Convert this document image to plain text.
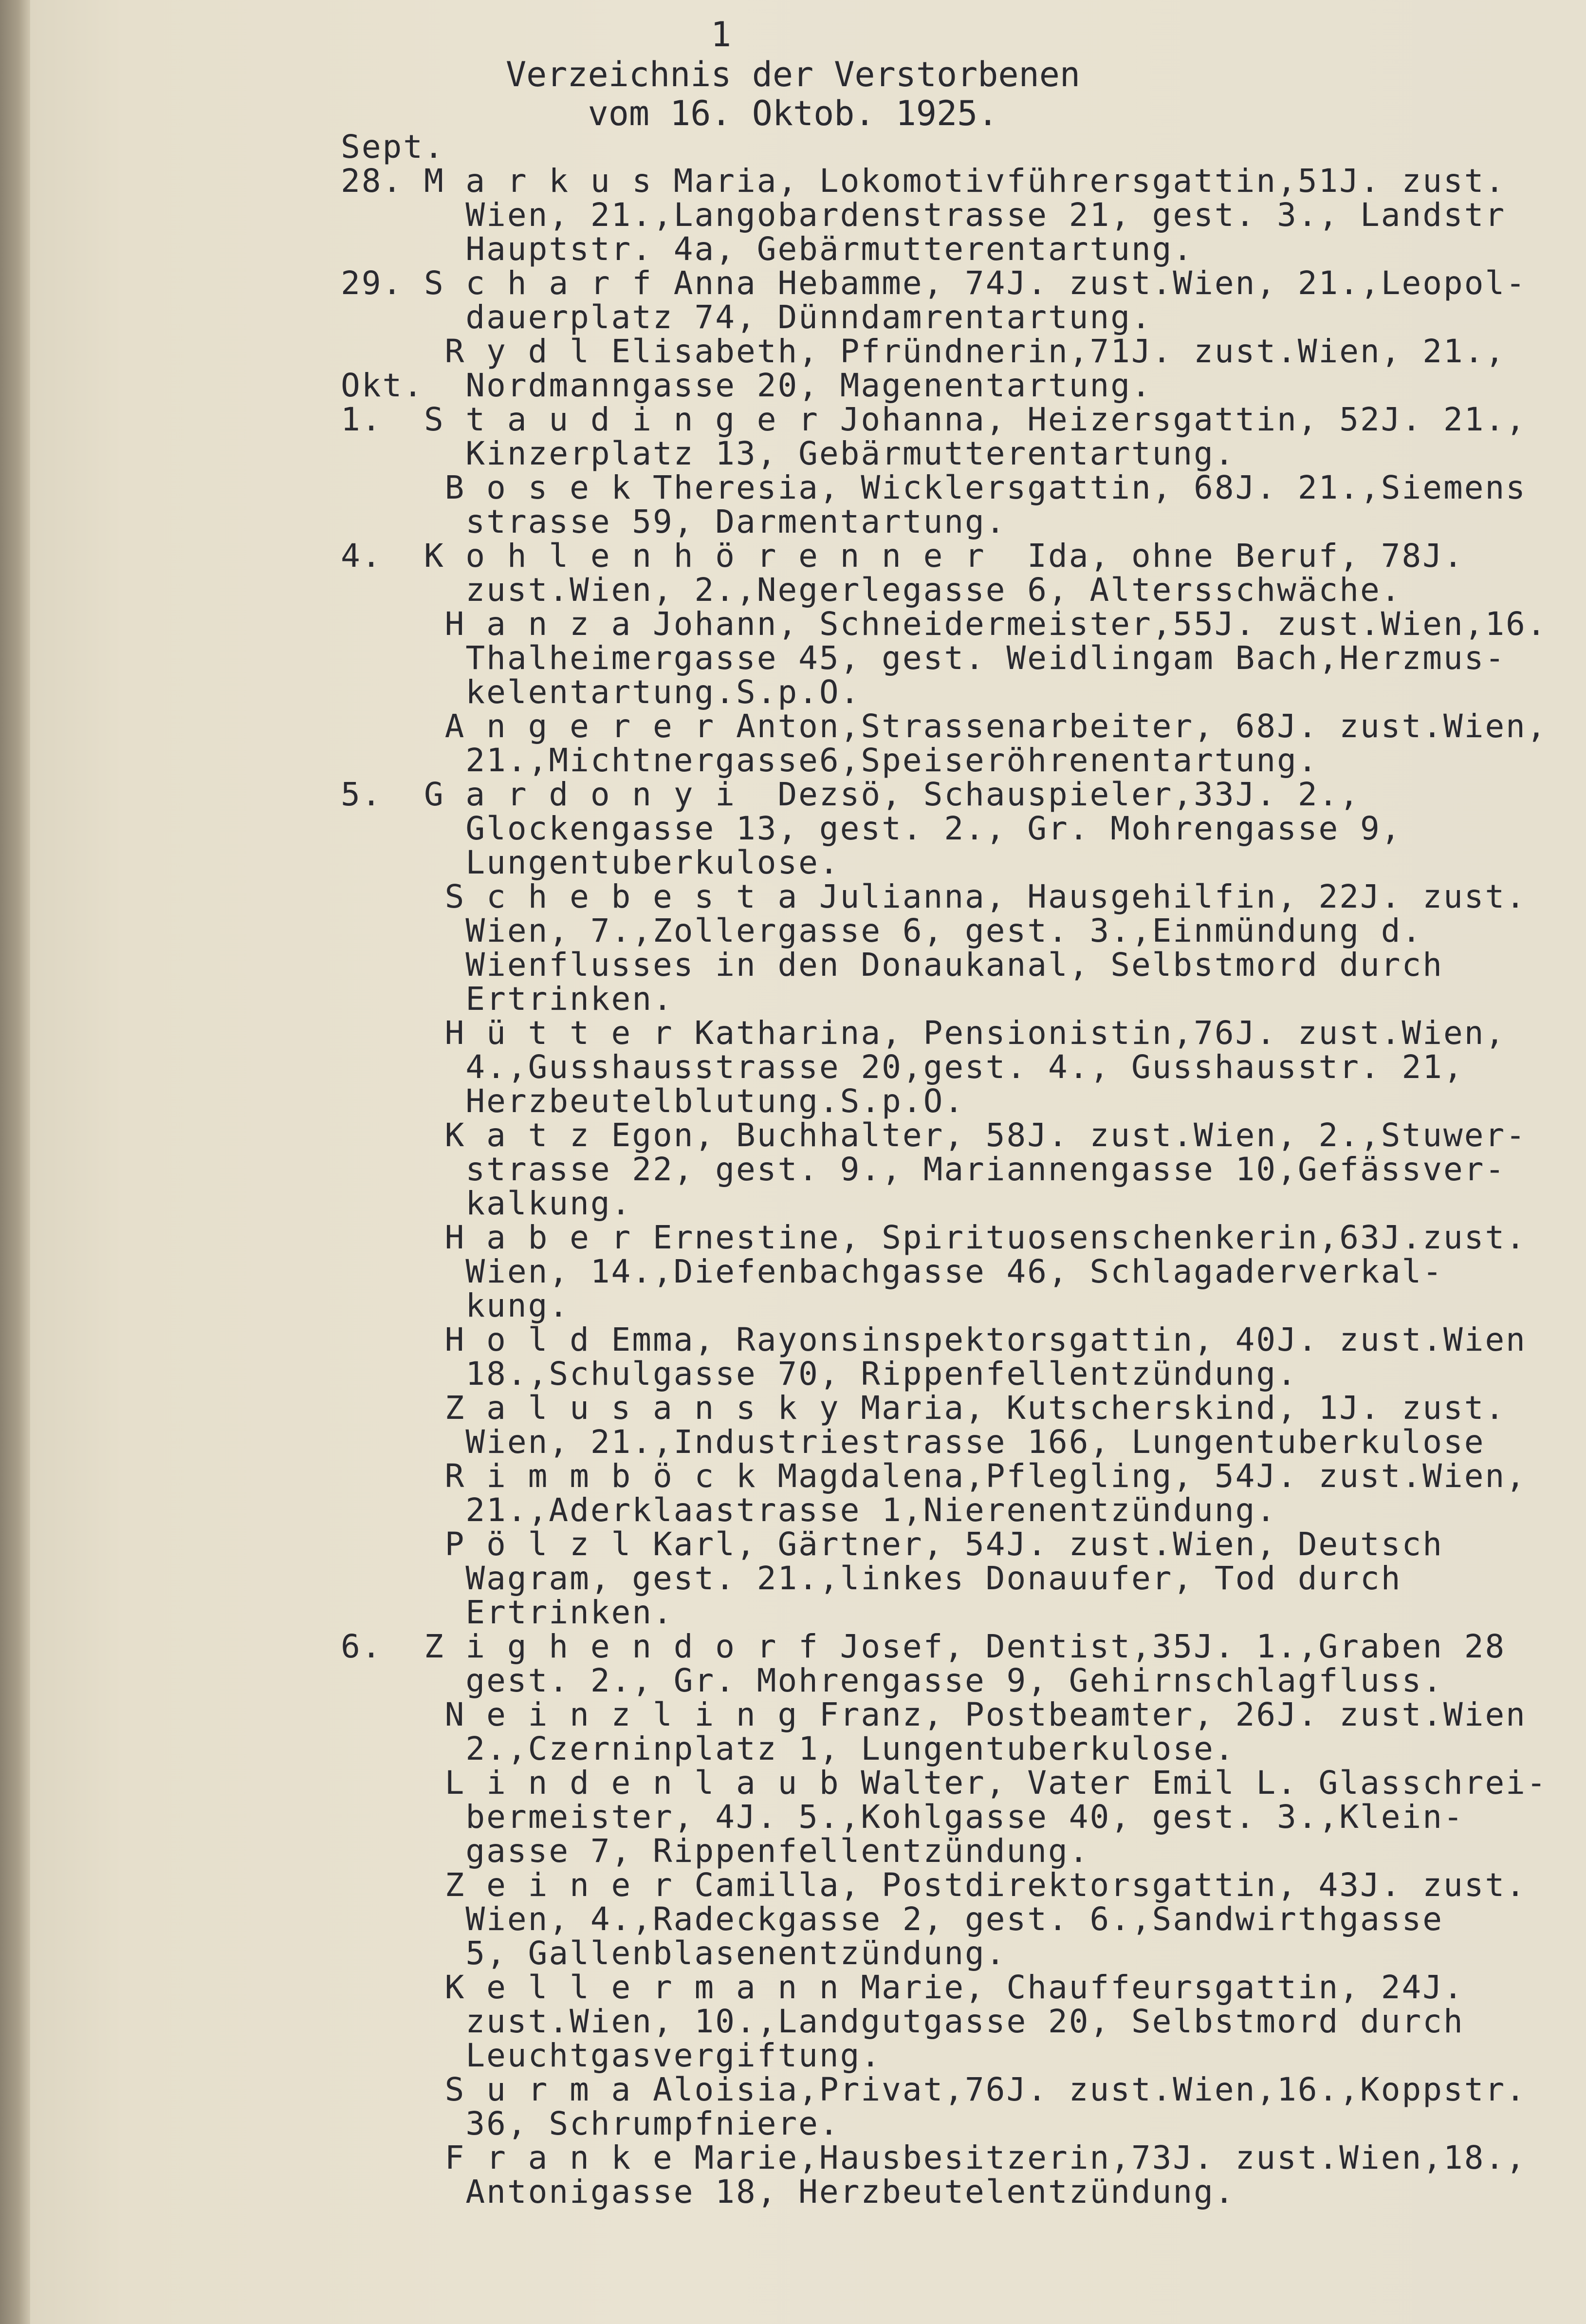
1
Verzeichnis der Verstorbenen
vom 16. Oktob. 1925.
Sept.
28. M a r k u s Maria, Lokomotivführersgattin,51J. zust.
Wien, 21.,Langobardenstrasse 21, gest. 3., Landstr
Hauptstr. 4a, Gebärmutterentartung.
29. S c h a r f Anna Hebamme, 74J. zust.Wien, 21.,Leopol-
dauerplatz 74, Dünndamrentartung.
R y d l Elisabeth, Pfründnerin,71J. zust.Wien, 21.,
Okt.  Nordmanngasse 20, Magenentartung.
1.  S t a u d i n g e r Johanna, Heizersgattin, 52J. 21.,
Kinzerplatz 13, Gebärmutterentartung.
B o s e k Theresia, Wicklersgattin, 68J. 21.,Siemens
strasse 59, Darmentartung.
4.  K o h l e n h ö r e n n e r  Ida, ohne Beruf, 78J.
zust.Wien, 2.,Negerlegasse 6, Altersschwäche.
H a n z a Johann, Schneidermeister,55J. zust.Wien,16.
Thalheimergasse 45, gest. Weidlingam Bach,Herzmus-
kelentartung.S.p.O.
A n g e r e r Anton,Strassenarbeiter, 68J. zust.Wien,
21.,Michtnergasse6,Speiseröhrenentartung.
5.  G a r d o n y i  Dezsö, Schauspieler,33J. 2.,
Glockengasse 13, gest. 2., Gr. Mohrengasse 9,
Lungentuberkulose.
S c h e b e s t a Julianna, Hausgehilfin, 22J. zust.
Wien, 7.,Zollergasse 6, gest. 3.,Einmündung d.
Wienflusses in den Donaukanal, Selbstmord durch
Ertrinken.
H ü t t e r Katharina, Pensionistin,76J. zust.Wien,
4.,Gusshausstrasse 20,gest. 4., Gusshausstr. 21,
Herzbeutelblutung.S.p.O.
K a t z Egon, Buchhalter, 58J. zust.Wien, 2.,Stuwer-
strasse 22, gest. 9., Mariannengasse 10,Gefässver-
kalkung.
H a b e r Ernestine, Spirituosenschenkerin,63J.zust.
Wien, 14.,Diefenbachgasse 46, Schlagaderverkal-
kung.
H o l d Emma, Rayonsinspektorsgattin, 40J. zust.Wien
18.,Schulgasse 70, Rippenfellentzündung.
Z a l u s a n s k y Maria, Kutscherskind, 1J. zust.
Wien, 21.,Industriestrasse 166, Lungentuberkulose
R i m m b ö c k Magdalena,Pflegling, 54J. zust.Wien,
21.,Aderklaastrasse 1,Nierenentzündung.
P ö l z l Karl, Gärtner, 54J. zust.Wien, Deutsch
Wagram, gest. 21.,linkes Donauufer, Tod durch
Ertrinken.
6.  Z i g h e n d o r f Josef, Dentist,35J. 1.,Graben 28
gest. 2., Gr. Mohrengasse 9, Gehirnschlagfluss.
N e i n z l i n g Franz, Postbeamter, 26J. zust.Wien
2.,Czerninplatz 1, Lungentuberkulose.
L i n d e n l a u b Walter, Vater Emil L. Glasschrei-
bermeister, 4J. 5.,Kohlgasse 40, gest. 3.,Klein-
gasse 7, Rippenfellentzündung.
Z e i n e r Camilla, Postdirektorsgattin, 43J. zust.
Wien, 4.,Radeckgasse 2, gest. 6.,Sandwirthgasse
5, Gallenblasenentzündung.
K e l l e r m a n n Marie, Chauffeursgattin, 24J.
zust.Wien, 10.,Landgutgasse 20, Selbstmord durch
Leuchtgasvergiftung.
S u r m a Aloisia,Privat,76J. zust.Wien,16.,Koppstr.
36, Schrumpfniere.
F r a n k e Marie,Hausbesitzerin,73J. zust.Wien,18.,
Antonigasse 18, Herzbeutelentzündung.
